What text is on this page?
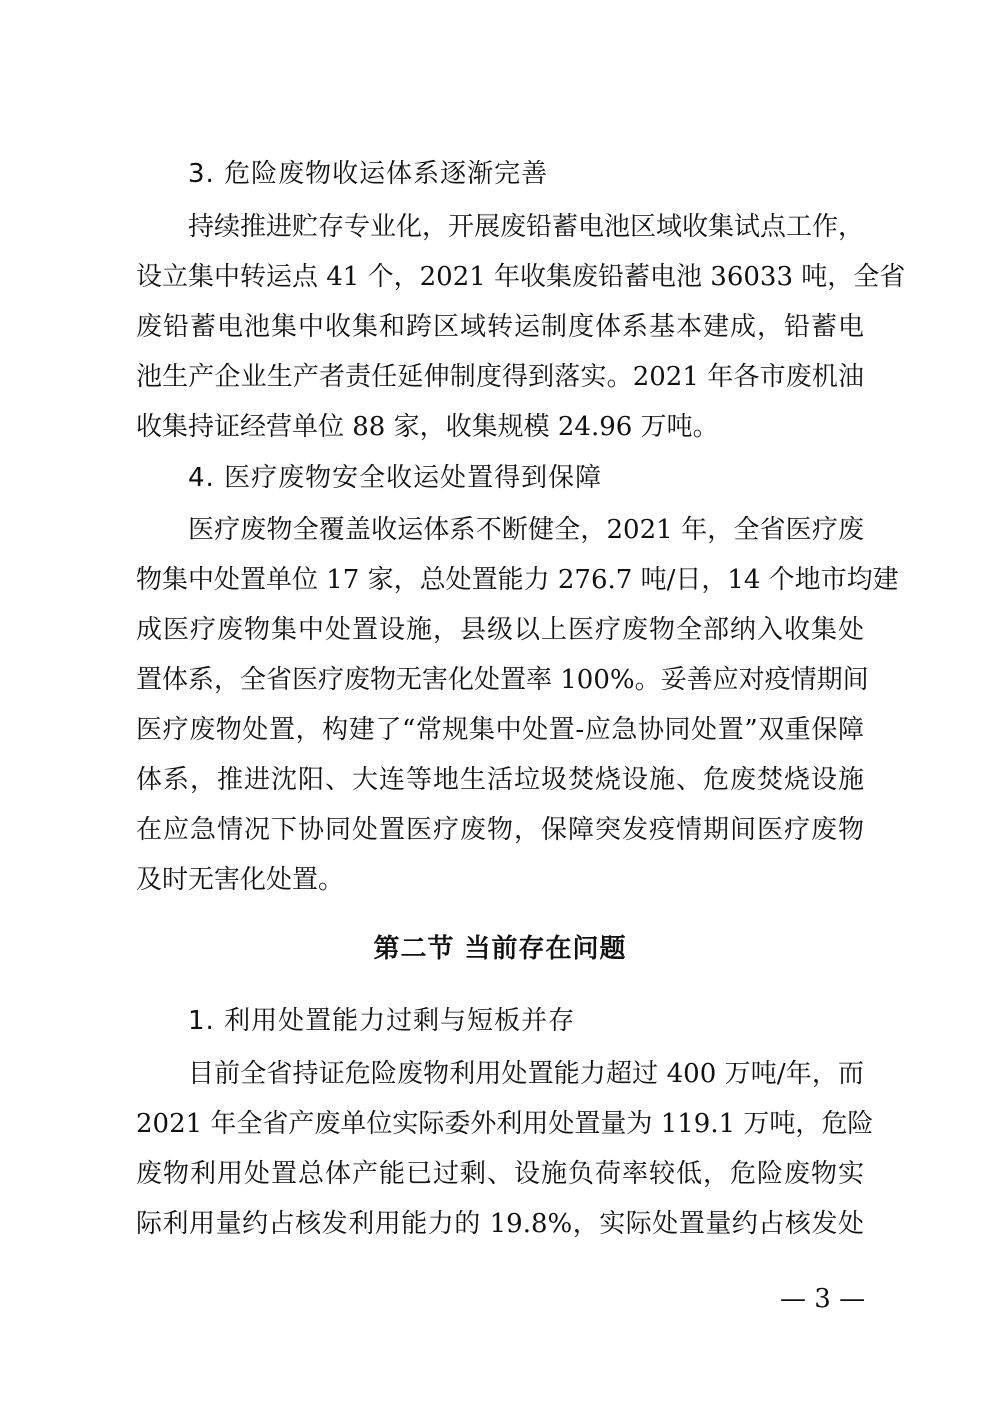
3. 危险废物收运体系逐渐完善
持续推进贮存专业化，开展废铅蓄电池区域收集试点工作，
设立集中转运点 41 个，2021 年收集废铅蓄电池 36033 吨，全省
废铅蓄电池集中收集和跨区域转运制度体系基本建成，铅蓄电
池生产企业生产者责任延伸制度得到落实。2021 年各市废机油
收集持证经营单位 88 家，收集规模 24.96 万吨。
4. 医疗废物安全收运处置得到保障
医疗废物全覆盖收运体系不断健全，2021 年，全省医疗废
物集中处置单位 17 家，总处置能力 276.7 吨/日，14 个地市均建
成医疗废物集中处置设施，县级以上医疗废物全部纳入收集处
置体系，全省医疗废物无害化处置率 100%。妥善应对疫情期间
医疗废物处置，构建了“常规集中处置-应急协同处置”双重保障
体系，推进沈阳、大连等地生活垃圾焚烧设施、危废焚烧设施
在应急情况下协同处置医疗废物，保障突发疫情期间医疗废物
及时无害化处置。
第二节 当前存在问题
1. 利用处置能力过剩与短板并存
目前全省持证危险废物利用处置能力超过 400 万吨/年，而
2021 年全省产废单位实际委外利用处置量为 119.1 万吨，危险
废物利用处置总体产能已过剩、设施负荷率较低，危险废物实
际利用量约占核发利用能力的 19.8%，实际处置量约占核发处
— 3 —
